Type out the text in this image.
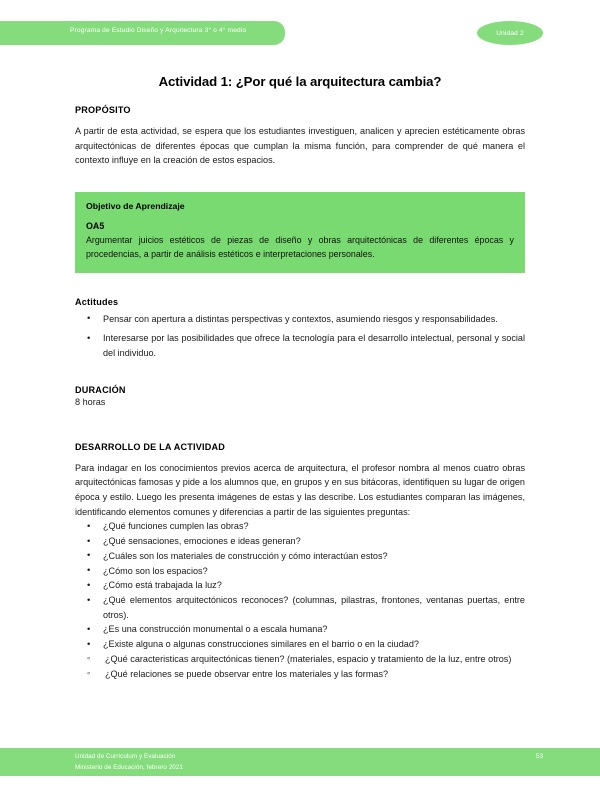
Programa de Estudio Diseño y Arquitectura 3° o 4° medio	Unidad 2
Actividad 1: ¿Por qué la arquitectura cambia?
PROPÓSITO
A partir de esta actividad, se espera que los estudiantes investiguen, analicen y aprecien estéticamente obras arquitectónicas de diferentes épocas que cumplan la misma función, para comprender de qué manera el contexto influye en la creación de estos espacios.
Objetivo de Aprendizaje
OA5
Argumentar juicios estéticos de piezas de diseño y obras arquitectónicas de diferentes épocas y procedencias, a partir de análisis estéticos e interpretaciones personales.
Actitudes
• Pensar con apertura a distintas perspectivas y contextos, asumiendo riesgos y responsabilidades.
• Interesarse por las posibilidades que ofrece la tecnología para el desarrollo intelectual, personal y social del individuo.
DURACIÓN
8 horas
DESARROLLO DE LA ACTIVIDAD
Para indagar en los conocimientos previos acerca de arquitectura, el profesor nombra al menos cuatro obras arquitectónicas famosas y pide a los alumnos que, en grupos y en sus bitácoras, identifiquen su lugar de origen época y estilo. Luego les presenta imágenes de estas y las describe. Los estudiantes comparan las imágenes, identificando elementos comunes y diferencias a partir de las siguientes preguntas:
• ¿Qué funciones cumplen las obras?
• ¿Qué sensaciones, emociones e ideas generan?
• ¿Cuáles son los materiales de construcción y cómo interactúan estos?
• ¿Cómo son los espacios?
• ¿Cómo está trabajada la luz?
• ¿Qué elementos arquitectónicos reconoces? (columnas, pilastras, frontones, ventanas puertas, entre otros).
• ¿Es una construcción monumental o a escala humana?
• ¿Existe alguna o algunas construcciones similares en el barrio o en la ciudad?
◦ ¿Qué caracteristicas arquitectónicas tienen? (materiales, espacio y tratamiento de la luz, entre otros)
◦ ¿Qué relaciones se puede observar entre los materiales y las formas?
Unidad de Currículum y Evaluación
Ministerio de Educación, febrero 2021
53
